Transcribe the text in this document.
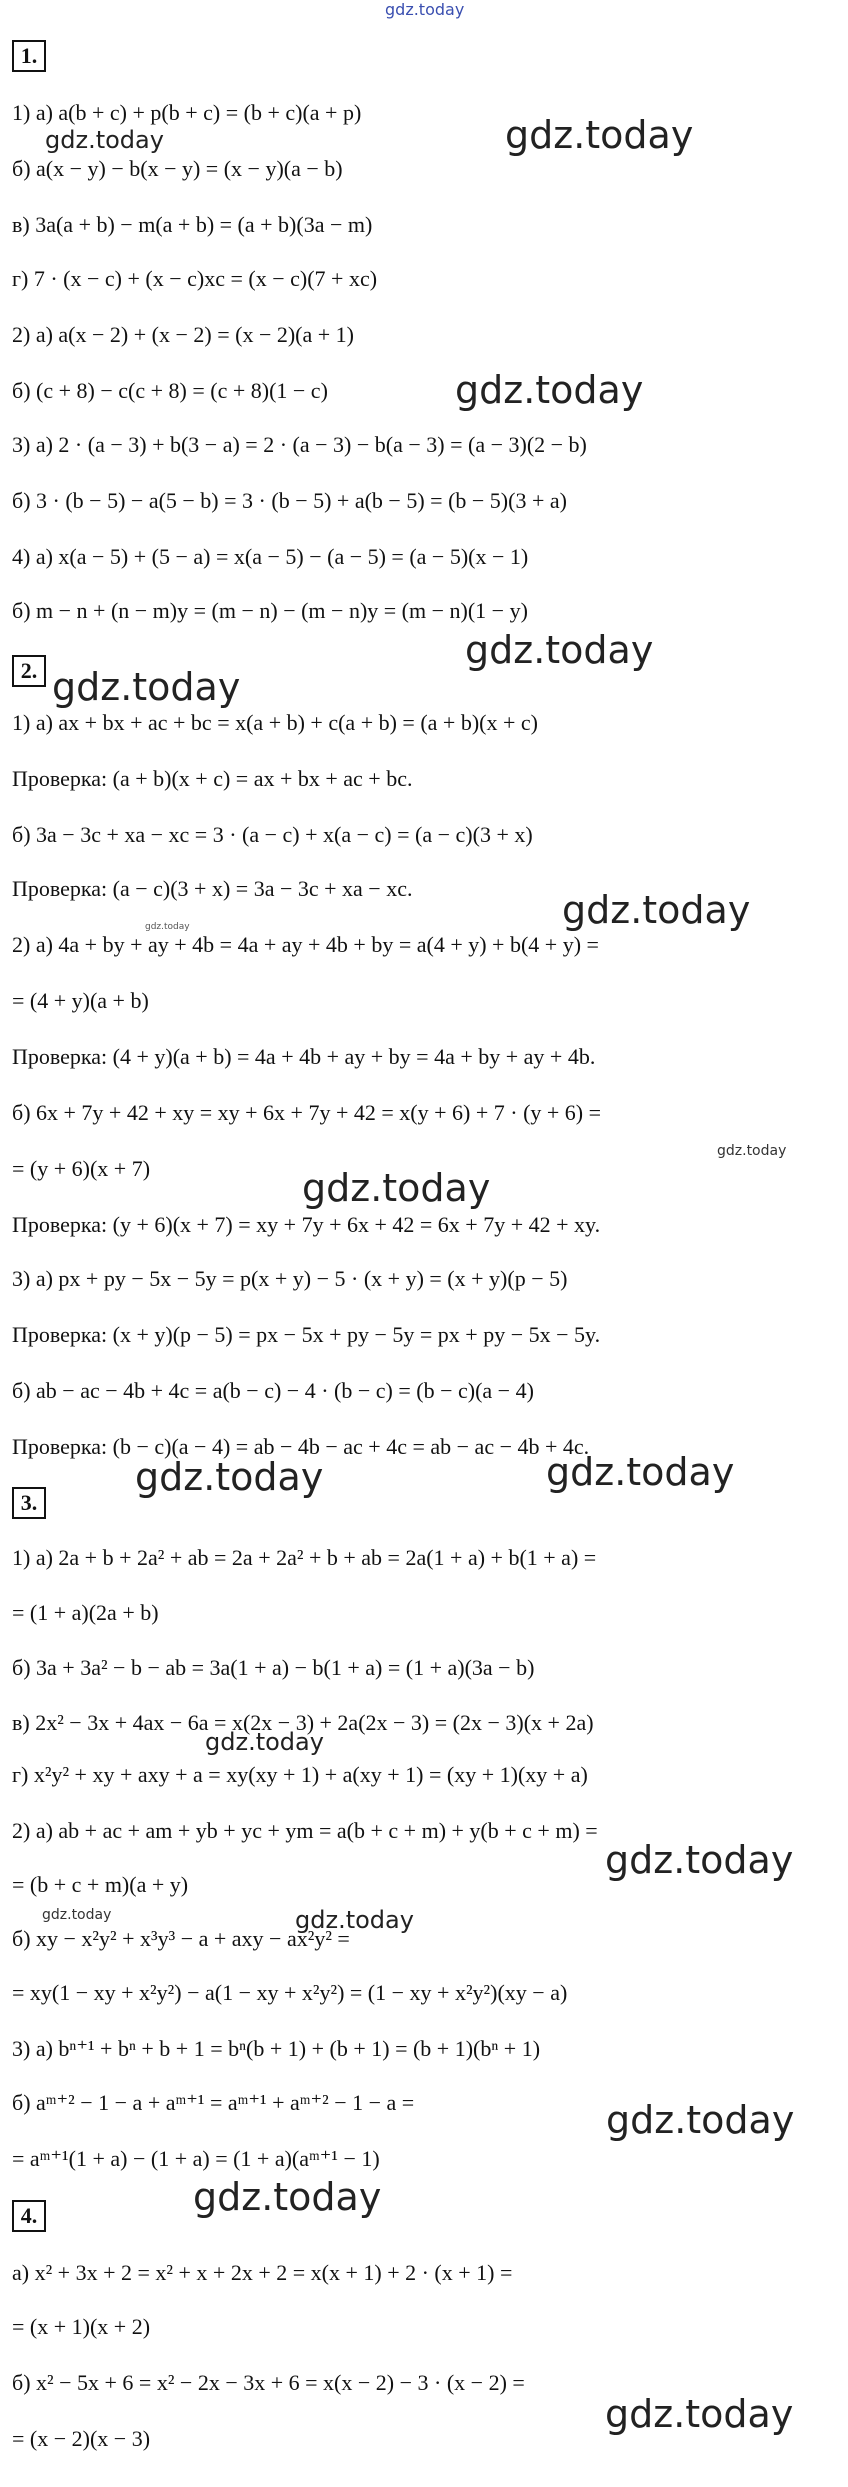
gdz.today
1.
1) а) a(b + c) + p(b + c) = (b + c)(a + p)
gdz.today
gdz.today
б) a(x − y) − b(x − y) = (x − y)(a − b)
в) 3a(a + b) − m(a + b) = (a + b)(3a − m)
г) 7 · (x − c) + (x − c)xc = (x − c)(7 + xc)
2) а) a(x − 2) + (x − 2) = (x − 2)(a + 1)
б) (c + 8) − c(c + 8) = (c + 8)(1 − c)	gdz.today
3) а) 2 · (a − 3) + b(3 − a) = 2 · (a − 3) − b(a − 3) = (a − 3)(2 − b)
б) 3 · (b − 5) − a(5 − b) = 3 · (b − 5) + a(b − 5) = (b − 5)(3 + a)
4) а) x(a − 5) + (5 − a) = x(a − 5) − (a − 5) = (a − 5)(x − 1)
б) m − n + (n − m)y = (m − n) − (m − n)y = (m − n)(1 − y)
gdz.today
2. gdz.today
1) а) ax + bx + ac + bc = x(a + b) + c(a + b) = (a + b)(x + c)
Проверка: (a + b)(x + c) = ax + bx + ac + bc.
б) 3a − 3c + xa − xc = 3 · (a − c) + x(a − c) = (a − c)(3 + x)
Проверка: (a − c)(3 + x) = 3a − 3c + xa − xc.	gdz.today
gdz.today
2) а) 4a + by + ay + 4b = 4a + ay + 4b + by = a(4 + y) + b(4 + y) =
= (4 + y)(a + b)
Проверка: (4 + y)(a + b) = 4a + 4b + ay + by = 4a + by + ay + 4b.
б) 6x + 7y + 42 + xy = xy + 6x + 7y + 42 = x(y + 6) + 7 · (y + 6) =
gdz.today
= (y + 6)(x + 7)	gdz.today
Проверка: (y + 6)(x + 7) = xy + 7y + 6x + 42 = 6x + 7y + 42 + xy.
3) а) px + py − 5x − 5y = p(x + y) − 5 · (x + y) = (x + y)(p − 5)
Проверка: (x + y)(p − 5) = px − 5x + py − 5y = px + py − 5x − 5y.
б) ab − ac − 4b + 4c = a(b − c) − 4 · (b − c) = (b − c)(a − 4)
Проверка: (b − c)(a − 4) = ab − 4b − ac + 4c = ab − ac − 4b + 4c.
gdz.today	gdz.today
3.
1) а) 2a + b + 2a² + ab = 2a + 2a² + b + ab = 2a(1 + a) + b(1 + a) =
= (1 + a)(2a + b)
б) 3a + 3a² − b − ab = 3a(1 + a) − b(1 + a) = (1 + a)(3a − b)
в) 2x² − 3x + 4ax − 6a = x(2x − 3) + 2a(2x − 3) = (2x − 3)(x + 2a)
gdz.today
г) x²y² + xy + axy + a = xy(xy + 1) + a(xy + 1) = (xy + 1)(xy + a)
2) а) ab + ac + am + yb + yc + ym = a(b + c + m) + y(b + c + m) =
gdz.today
= (b + c + m)(a + y)
gdz.today	gdz.today
б) xy − x²y² + x³y³ − a + axy − ax²y² =
= xy(1 − xy + x²y²) − a(1 − xy + x²y²) = (1 − xy + x²y²)(xy − a)
3) а) bⁿ⁺¹ + bⁿ + b + 1 = bⁿ(b + 1) + (b + 1) = (b + 1)(bⁿ + 1)
б) aᵐ⁺² − 1 − a + aᵐ⁺¹ = aᵐ⁺¹ + aᵐ⁺² − 1 − a =	gdz.today
= aᵐ⁺¹(1 + a) − (1 + a) = (1 + a)(aᵐ⁺¹ − 1)
gdz.today
4.
а) x² + 3x + 2 = x² + x + 2x + 2 = x(x + 1) + 2 · (x + 1) =
= (x + 1)(x + 2)
б) x² − 5x + 6 = x² − 2x − 3x + 6 = x(x − 2) − 3 · (x − 2) =
gdz.today
= (x − 2)(x − 3)
